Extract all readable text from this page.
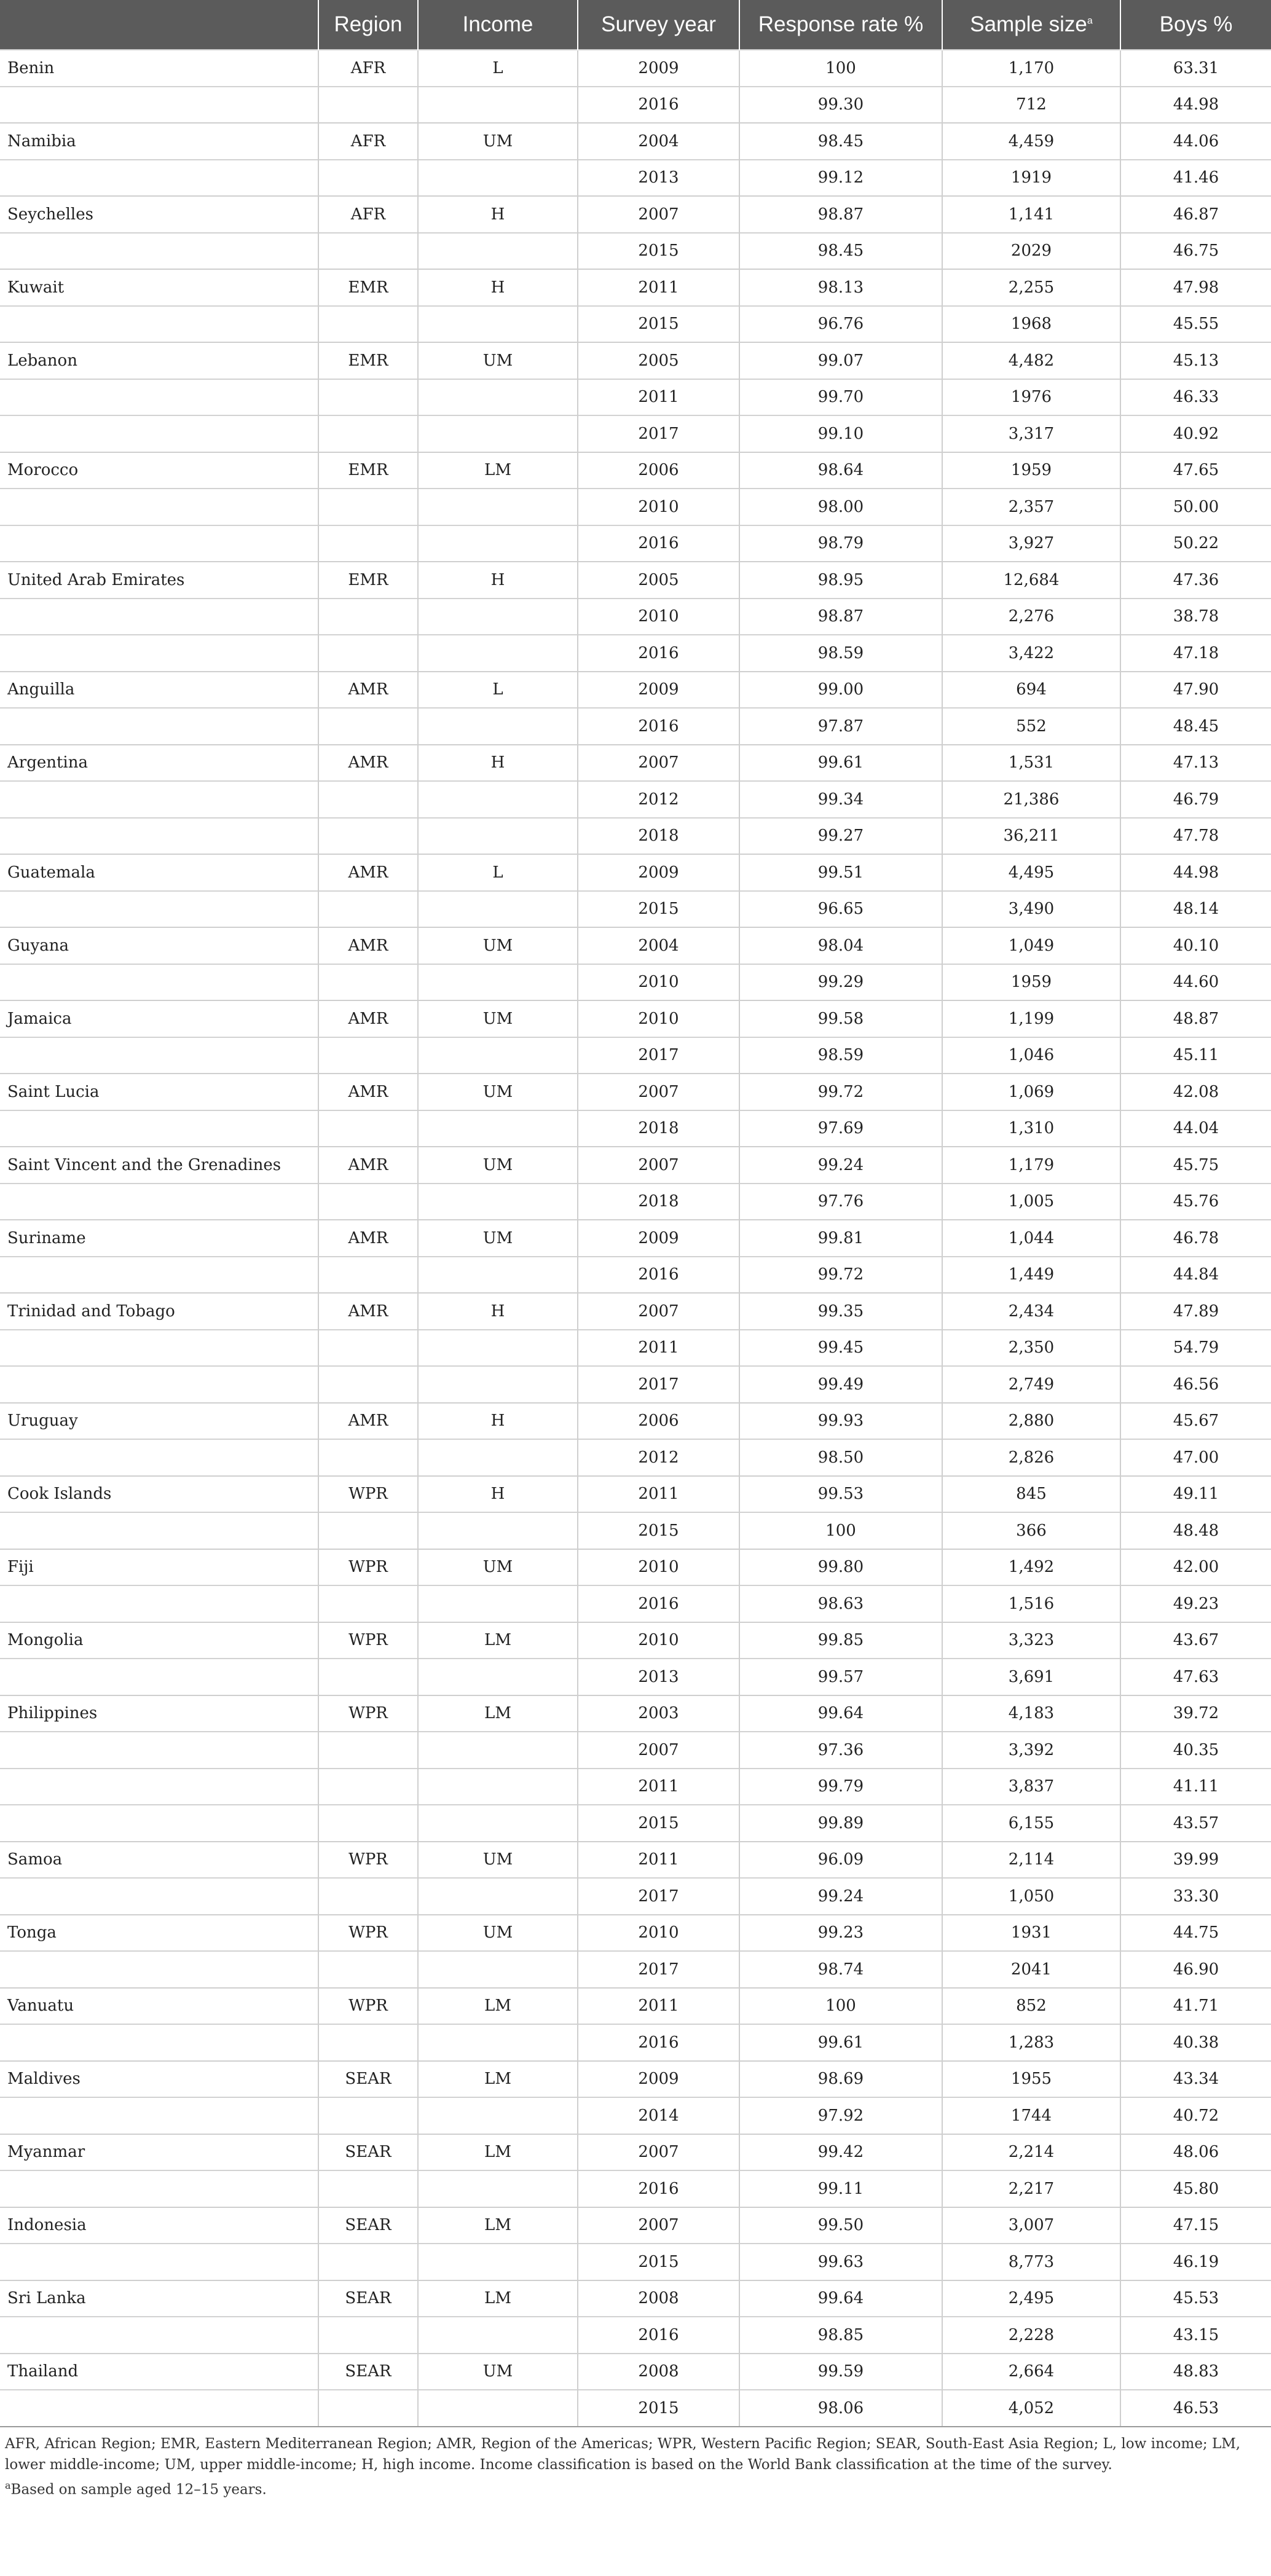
	Region	Income	Survey year	Response rate %	Sample size$^a$	Boys %
Benin	AFR	L	2009	100	1,170	63.31
			2016	99.30	712	44.98
Namibia	AFR	UM	2004	98.45	4,459	44.06
			2013	99.12	1919	41.46
Seychelles	AFR	H	2007	98.87	1,141	46.87
			2015	98.45	2029	46.75
Kuwait	EMR	H	2011	98.13	2,255	47.98
			2015	96.76	1968	45.55
Lebanon	EMR	UM	2005	99.07	4,482	45.13
			2011	99.70	1976	46.33
			2017	99.10	3,317	40.92
Morocco	EMR	LM	2006	98.64	1959	47.65
			2010	98.00	2,357	50.00
			2016	98.79	3,927	50.22
United Arab Emirates	EMR	H	2005	98.95	12,684	47.36
			2010	98.87	2,276	38.78
			2016	98.59	3,422	47.18
Anguilla	AMR	L	2009	99.00	694	47.90
			2016	97.87	552	48.45
Argentina	AMR	H	2007	99.61	1,531	47.13
			2012	99.34	21,386	46.79
			2018	99.27	36,211	47.78
Guatemala	AMR	L	2009	99.51	4,495	44.98
			2015	96.65	3,490	48.14
Guyana	AMR	UM	2004	98.04	1,049	40.10
			2010	99.29	1959	44.60
Jamaica	AMR	UM	2010	99.58	1,199	48.87
			2017	98.59	1,046	45.11
Saint Lucia	AMR	UM	2007	99.72	1,069	42.08
			2018	97.69	1,310	44.04
Saint Vincent and the Grenadines	AMR	UM	2007	99.24	1,179	45.75
			2018	97.76	1,005	45.76
Suriname	AMR	UM	2009	99.81	1,044	46.78
			2016	99.72	1,449	44.84
Trinidad and Tobago	AMR	H	2007	99.35	2,434	47.89
			2011	99.45	2,350	54.79
			2017	99.49	2,749	46.56
Uruguay	AMR	H	2006	99.93	2,880	45.67
			2012	98.50	2,826	47.00
Cook Islands	WPR	H	2011	99.53	845	49.11
			2015	100	366	48.48
Fiji	WPR	UM	2010	99.80	1,492	42.00
			2016	98.63	1,516	49.23
Mongolia	WPR	LM	2010	99.85	3,323	43.67
			2013	99.57	3,691	47.63
Philippines	WPR	LM	2003	99.64	4,183	39.72
			2007	97.36	3,392	40.35
			2011	99.79	3,837	41.11
			2015	99.89	6,155	43.57
Samoa	WPR	UM	2011	96.09	2,114	39.99
			2017	99.24	1,050	33.30
Tonga	WPR	UM	2010	99.23	1931	44.75
			2017	98.74	2041	46.90
Vanuatu	WPR	LM	2011	100	852	41.71
			2016	99.61	1,283	40.38
Maldives	SEAR	LM	2009	98.69	1955	43.34
			2014	97.92	1744	40.72
Myanmar	SEAR	LM	2007	99.42	2,214	48.06
			2016	99.11	2,217	45.80
Indonesia	SEAR	LM	2007	99.50	3,007	47.15
			2015	99.63	8,773	46.19
Sri Lanka	SEAR	LM	2008	99.64	2,495	45.53
			2016	98.85	2,228	43.15
Thailand	SEAR	UM	2008	99.59	2,664	48.83
			2015	98.06	4,052	46.53

AFR, African Region; EMR, Eastern Mediterranean Region; AMR, Region of the Americas; WPR, Western Pacific Region; SEAR, South-East Asia Region; L, low income; LM, lower middle-income; UM, upper middle-income; H, high income. Income classification is based on the World Bank classification at the time of the survey.

$^a$Based on sample aged 12–15 years.
